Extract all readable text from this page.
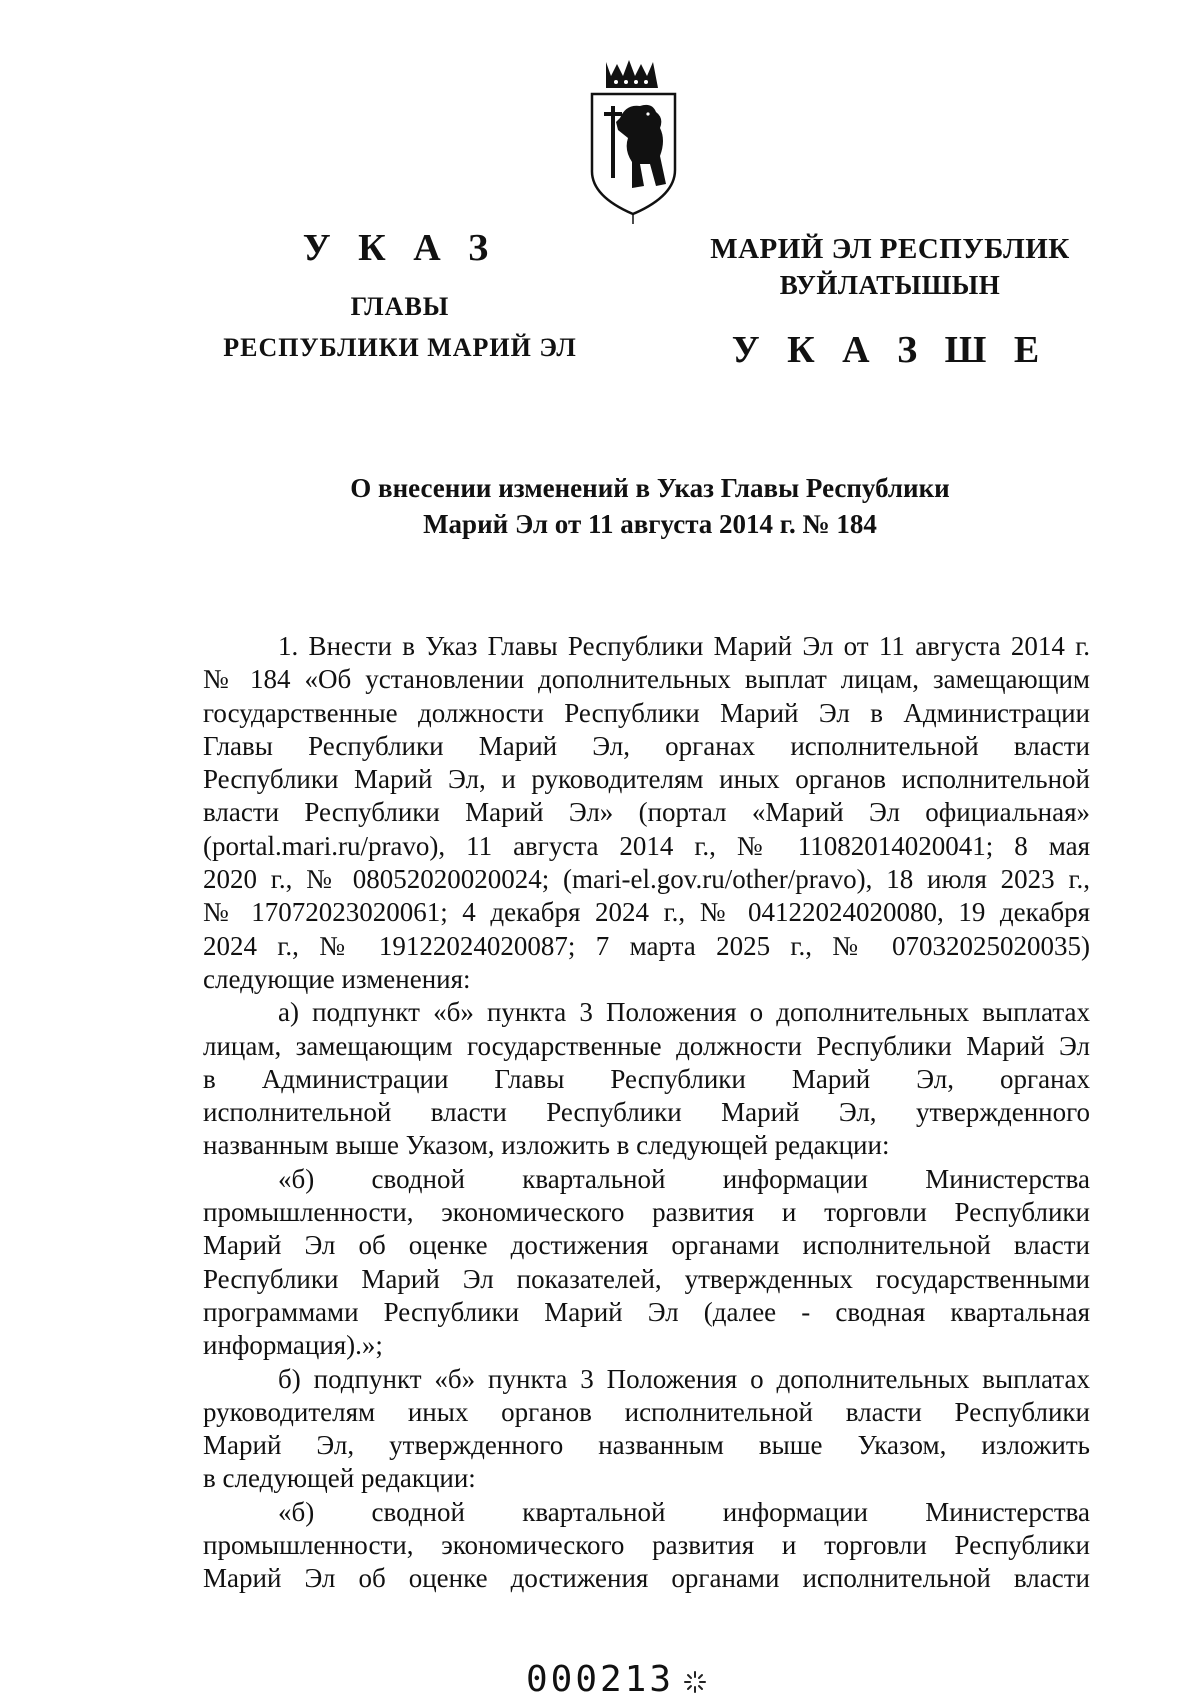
У К А З
ГЛАВЫ
РЕСПУБЛИКИ МАРИЙ ЭЛ
МАРИЙ ЭЛ РЕСПУБЛИК
ВУЙЛАТЫШЫН
У К А З Ш Е
О внесении изменений в Указ Главы Республики
Марий Эл от 11 августа 2014 г. № 184
1. Внести в Указ Главы Республики Марий Эл от 11 августа 2014 г.
№ 184 «Об установлении дополнительных выплат лицам, замещающим
государственные должности Республики Марий Эл в Администрации
Главы Республики Марий Эл, органах исполнительной власти
Республики Марий Эл, и руководителям иных органов исполнительной
власти Республики Марий Эл» (портал «Марий Эл официальная»
(portal.mari.ru/pravo), 11 августа 2014 г., № 11082014020041; 8 мая
2020 г., № 08052020020024; (mari-el.gov.ru/other/pravo), 18 июля 2023 г.,
№ 17072023020061; 4 декабря 2024 г., № 04122024020080, 19 декабря
2024 г., № 19122024020087; 7 марта 2025 г., № 07032025020035)
следующие изменения:
а) подпункт «б» пункта 3 Положения о дополнительных выплатах
лицам, замещающим государственные должности Республики Марий Эл
в Администрации Главы Республики Марий Эл, органах
исполнительной власти Республики Марий Эл, утвержденного
названным выше Указом, изложить в следующей редакции:
«б) сводной квартальной информации Министерства
промышленности, экономического развития и торговли Республики
Марий Эл об оценке достижения органами исполнительной власти
Республики Марий Эл показателей, утвержденных государственными
программами Республики Марий Эл (далее - сводная квартальная
информация).»;
б) подпункт «б» пункта 3 Положения о дополнительных выплатах
руководителям иных органов исполнительной власти Республики
Марий Эл, утвержденного названным выше Указом, изложить
в следующей редакции:
«б) сводной квартальной информации Министерства
промышленности, экономического развития и торговли Республики
Марий Эл об оценке достижения органами исполнительной власти
000213
